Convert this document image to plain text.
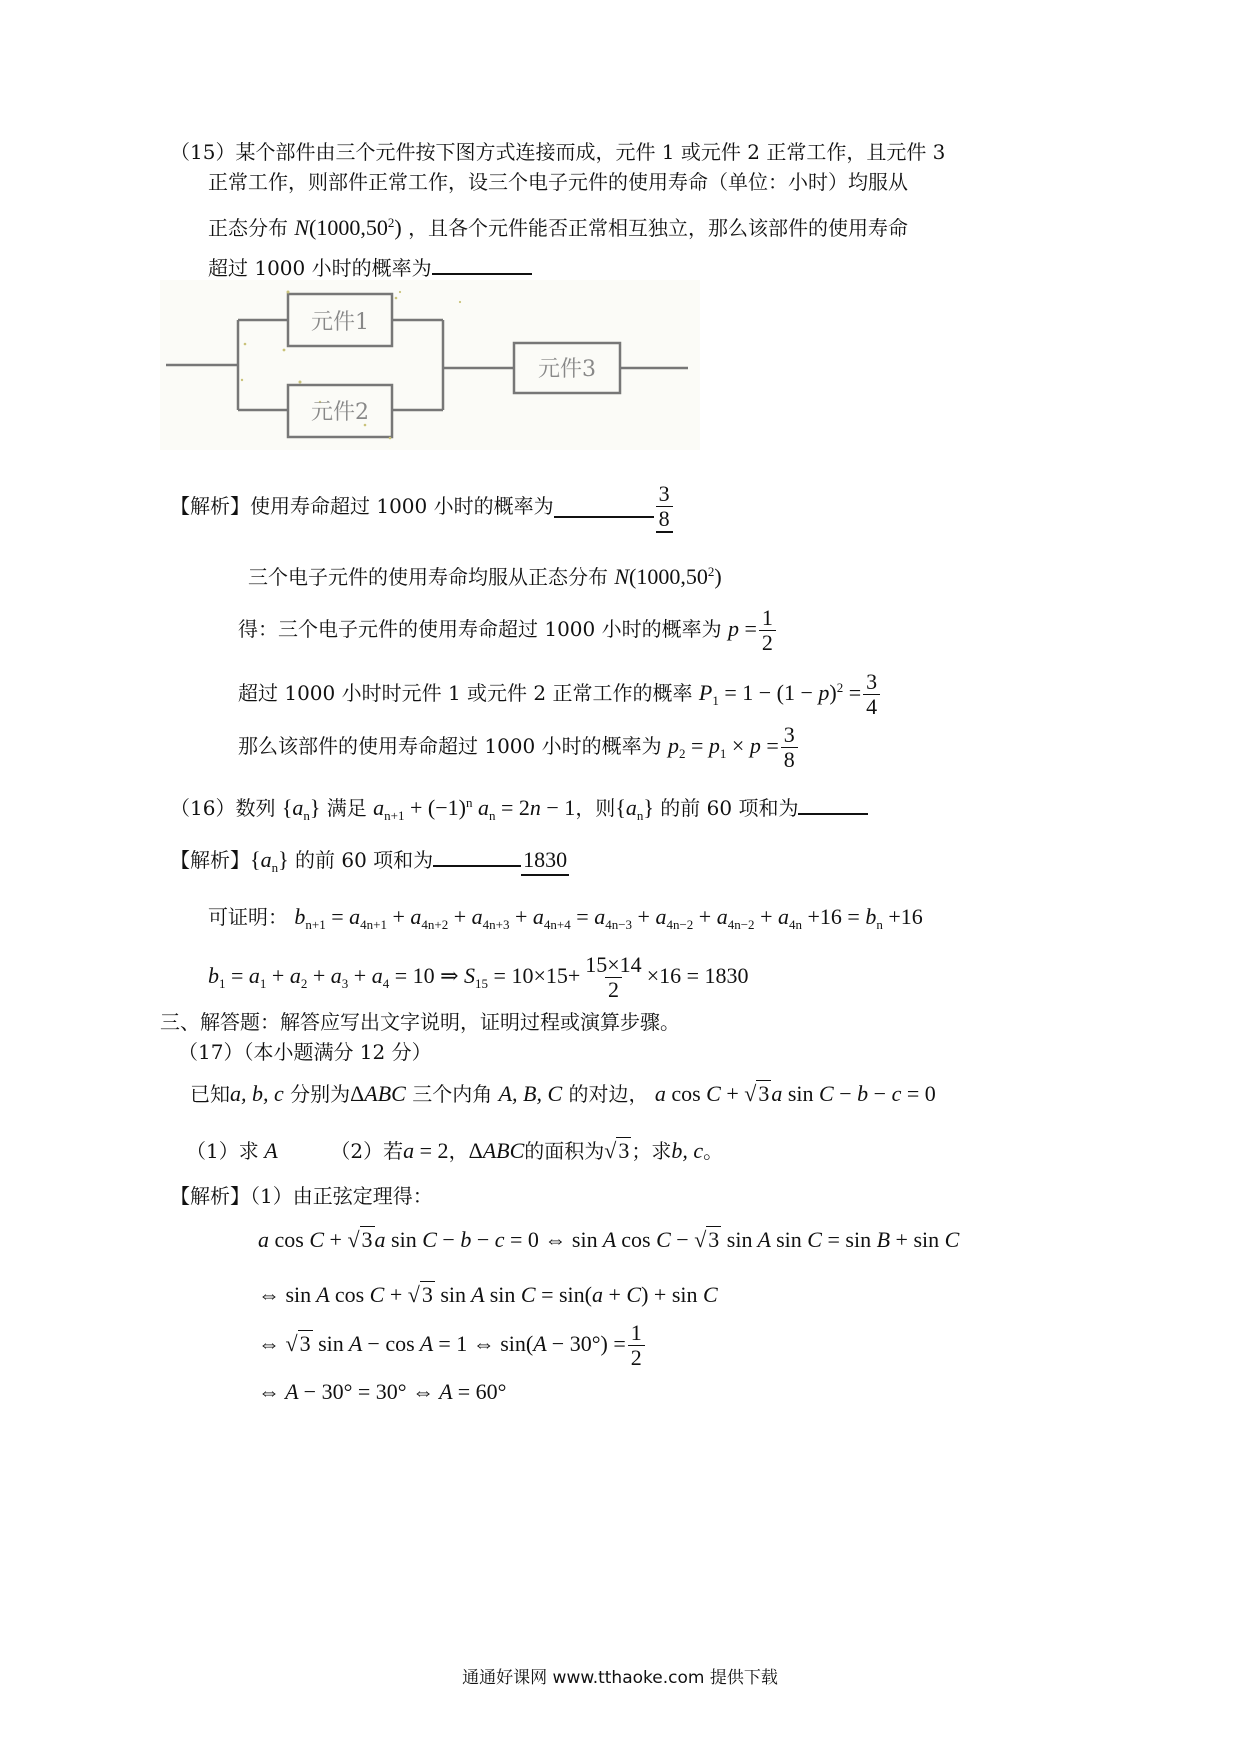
（15）某个部件由三个元件按下图方式连接而成，元件 1 或元件 2 正常工作，且元件 3
正常工作，则部件正常工作，设三个电子元件的使用寿命（单位：小时）均服从
正态分布 N(1000,50$^2$) ，且各个元件能否正常相互独立，那么该部件的使用寿命
超过 1000 小时的概率为
元件1
元件2
元件3
【解析】使用寿命超过 1000 小时的概率为	$\frac{3}{8}$
三个电子元件的使用寿命均服从正态分布 N(1000,50$^2$)
得：三个电子元件的使用寿命超过 1000 小时的概率为 $p = \frac{1}{2}$
超过 1000 小时时元件 1 或元件 2 正常工作的概率 $P_1 = 1 - (1 - p)^2 = \frac{3}{4}$
那么该部件的使用寿命超过 1000 小时的概率为 $p_2 = p_1 \times p = \frac{3}{8}$
（16）数列 $\{a_n\}$ 满足 $a_{n+1} + (-1)^n$ $a_n = 2n - 1$，则$\{a_n\}$ 的前 60 项和为
【解析】$\{a_n\}$ 的前 60 项和为	1830
可证明： $b_{n+1} = a_{4n+1} + a_{4n+2} + a_{4n+3} + a_{4n+4} = a_{4n-3} + a_{4n-2} + a_{4n-2} + a_{4n} +16 = b_n +16$
$b_1 = a_1 + a_2 + a_3 + a_4 = 10$ ⇒ $S_{15} = 10\times 15+ \frac{15\times 14}{2} \times 16 = 1830$
三、解答题：解答应写出文字说明，证明过程或演算步骤。
（17）（本小题满分 12 分）
已知a, b, c 分别为ΔABC 三个内角 A, B, C 的对边， a cos C + √3a sin C − b − c = 0
（1）求 A	（2）若a = 2，ΔABC的面积为√3 ；求b, c。
【解析】（1）由正弦定理得：
a cos C + √3a sin C − b − c = 0 ⇔ sin A cos C − √3 sin A sin C = sin B + sin C
⇔ sin A cos C + √3 sin A sin C = sin(a + C) + sin C
⇔ √3 sin A − cos A = 1 ⇔ $\sin(A - 30^\circ) = \frac{1}{2}$
⇔ A − 30° = 30° ⇔ A = 60°
通通好课网 www.tthaoke.com 提供下载
